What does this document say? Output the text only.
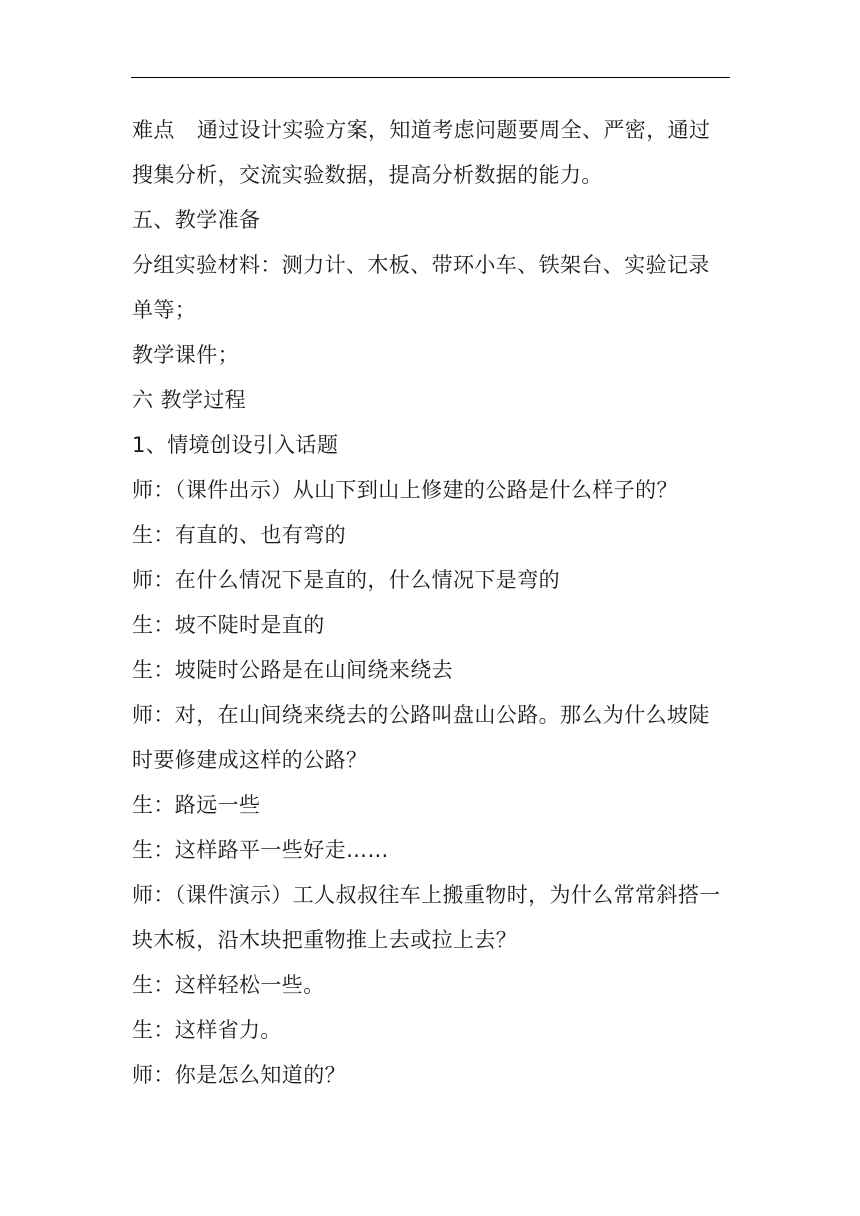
难点 通过设计实验方案，知道考虑问题要周全、严密，通过搜集分析，交流实验数据，提高分析数据的能力。

五、教学准备

分组实验材料：测力计、木板、带环小车、铁架台、实验记录单等；

教学课件；

六 教学过程

1、情境创设引入话题

师：（课件出示）从山下到山上修建的公路是什么样子的？

生：有直的、也有弯的

师：在什么情况下是直的，什么情况下是弯的

生：坡不陡时是直的

生：坡陡时公路是在山间绕来绕去

师：对，在山间绕来绕去的公路叫盘山公路。那么为什么坡陡时要修建成这样的公路？

生：路远一些

生：这样路平一些好走……

师：（课件演示）工人叔叔往车上搬重物时，为什么常常斜搭一块木板，沿木块把重物推上去或拉上去？

生：这样轻松一些。

生：这样省力。

师：你是怎么知道的？
